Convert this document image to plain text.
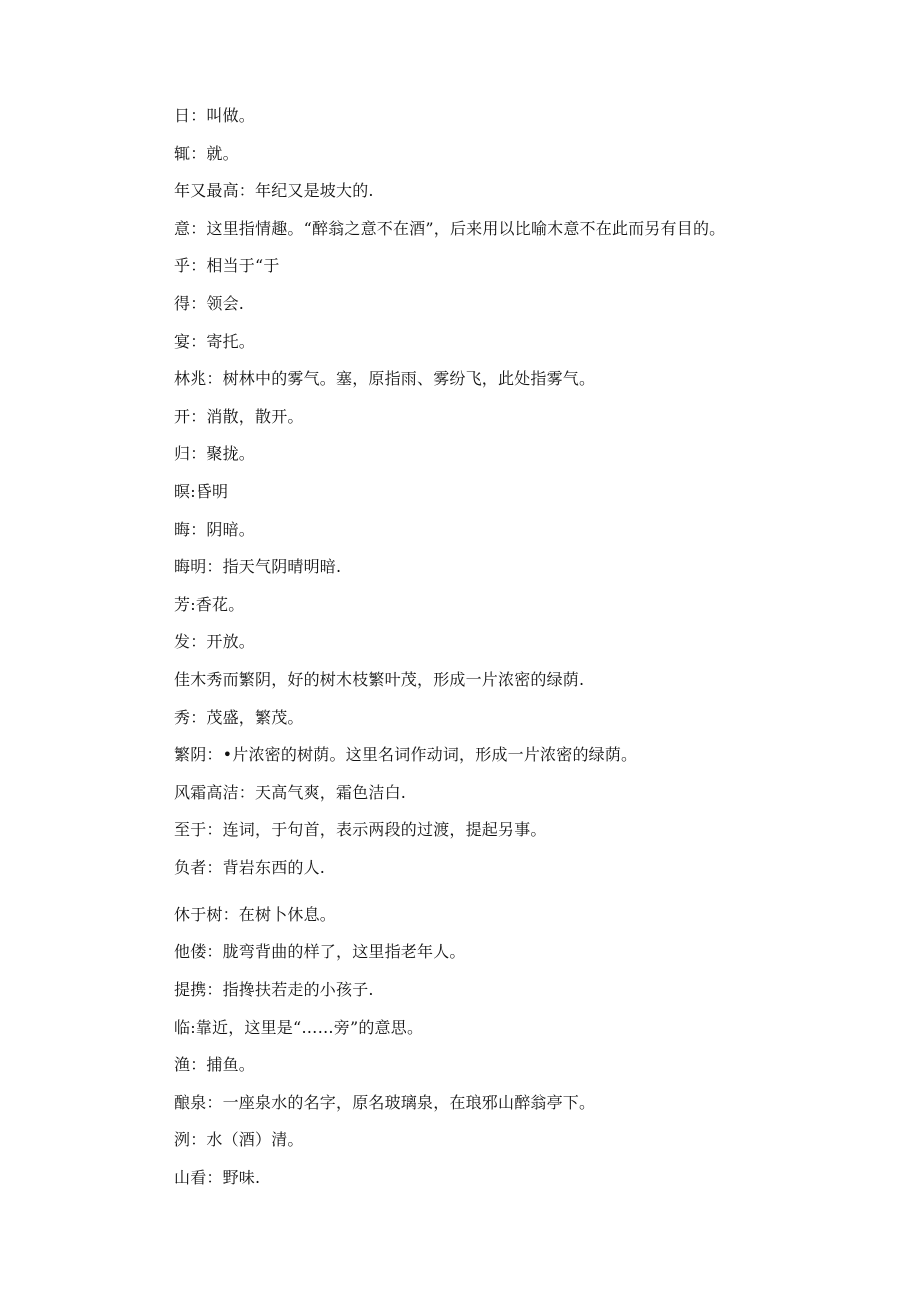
日：叫做。
辄：就。
年又最高：年纪又是坡大的.
意：这里指情趣。“醉翁之意不在酒”，后来用以比喻木意不在此而另有目的。
乎：相当于“于
得：领会.
宴：寄托。
林兆：树林中的雾气。塞，原指雨、雾纷飞，此处指雾气。
开：消散，散开。
归：聚拢。
暝:昏明
晦：阴暗。
晦明：指天气阴晴明暗.
芳:香花。
发：开放。
佳木秀而繁阴，好的树木枝繁叶茂，形成一片浓密的绿荫.
秀：茂盛，繁茂。
繁阴：•片浓密的树荫。这里名词作动词，形成一片浓密的绿荫。
风霜高洁：天高气爽，霜色洁白.
至于：连词，于句首，表示两段的过渡，提起另事。
负者：背岩东西的人.
休于树：在树卜休息。
他偻：胧弯背曲的样了，这里指老年人。
提携：指搀扶若走的小孩子.
临:靠近，这里是“……旁”的意思。
渔：捕鱼。
酿泉：一座泉水的名字，原名玻璃泉，在琅邪山醉翁亭下。
洌：水（酒）清。
山看：野味.
